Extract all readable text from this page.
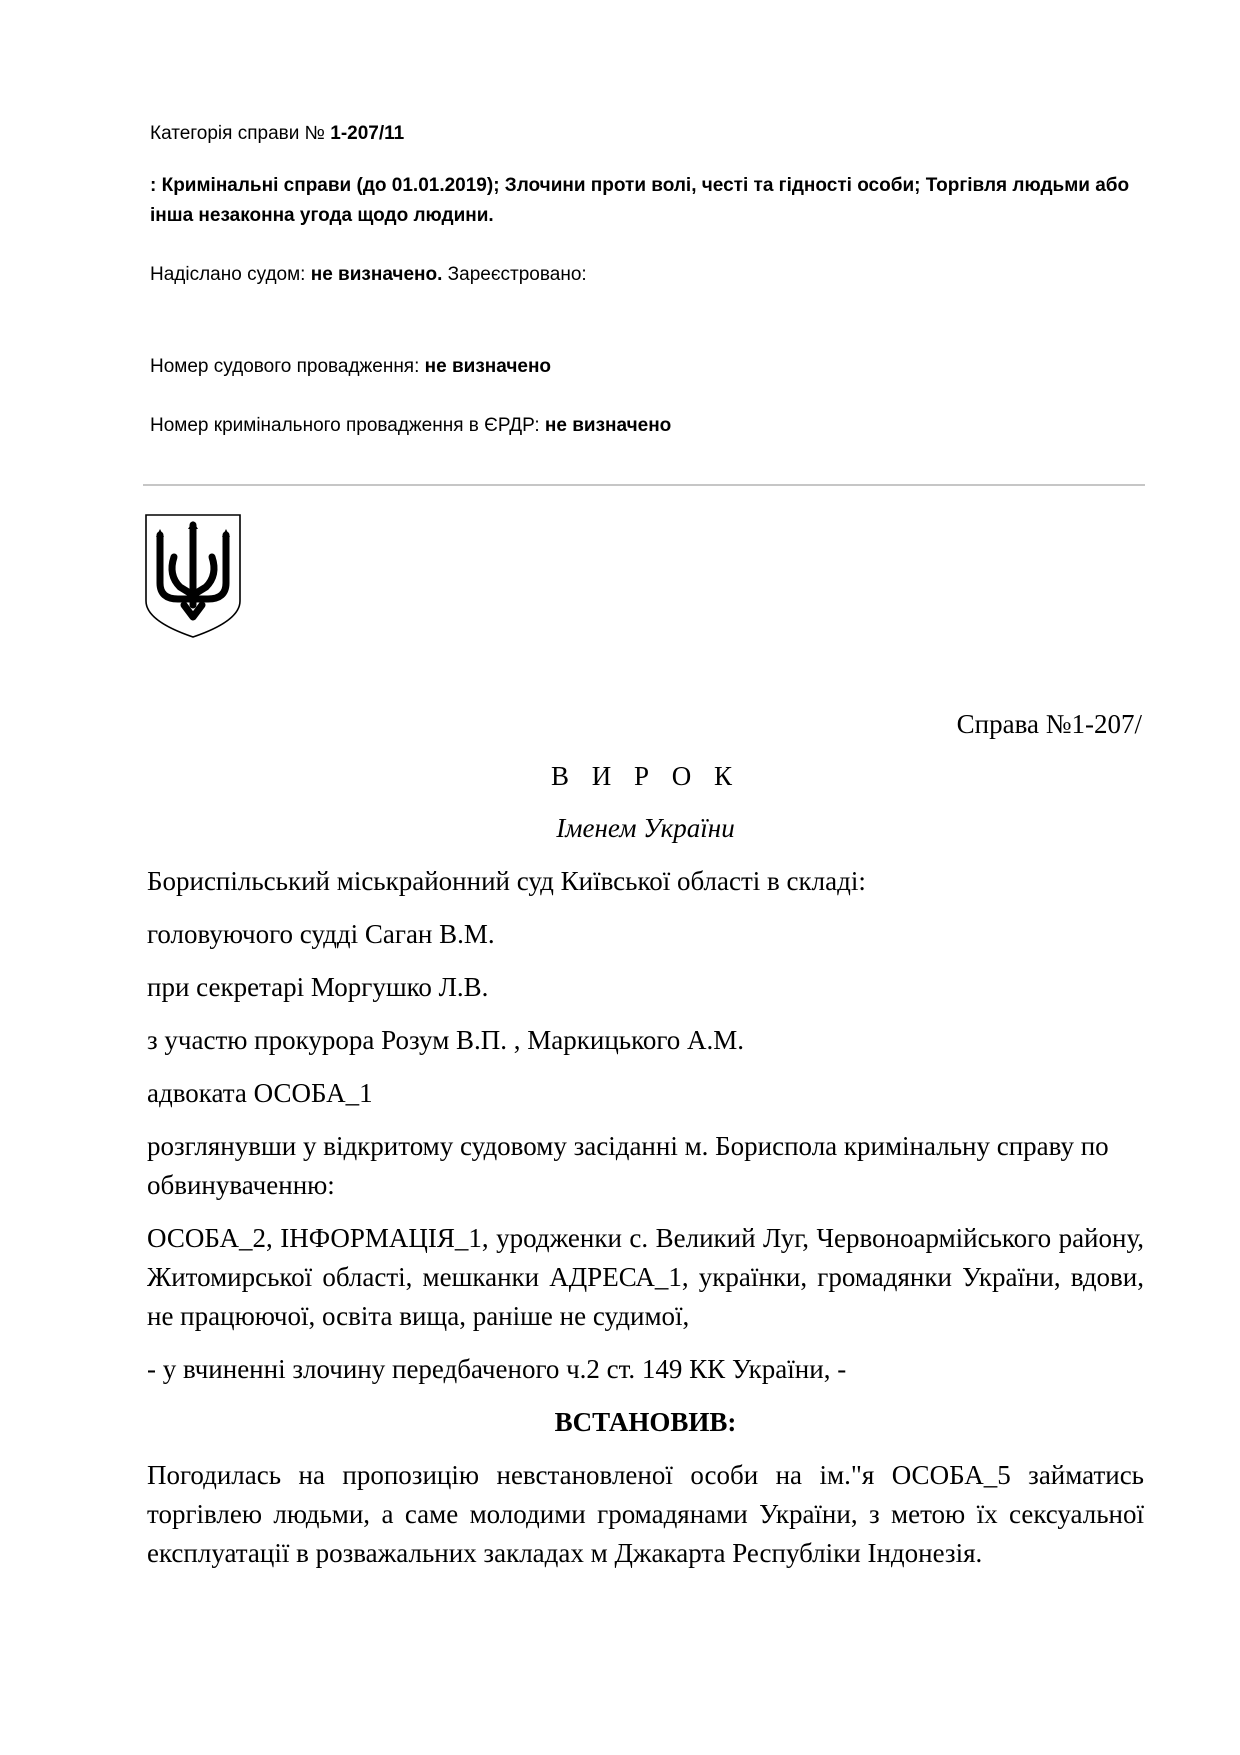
Категорія справи № 1-207/11
: Кримінальні справи (до 01.01.2019); Злочини проти волі, честі та гідності особи; Торгівля людьми або інша незаконна угода щодо людини.
Надіслано судом: не визначено. Зареєстровано:
Номер судового провадження: не визначено
Номер кримінального провадження в ЄРДР: не визначено
Справа №1-207/
В И Р О К
Іменем України
Бориспільський міськрайонний суд Київської області в складі:
головуючого судді Саган В.М.
при секретарі Моргушко Л.В.
з участю прокурора Розум В.П. , Маркицького А.М.
адвоката ОСОБА_1
розглянувши у відкритому судовому засіданні м. Бориспола кримінальну справу по обвинуваченню:
ОСОБА_2, ІНФОРМАЦІЯ_1, уродженки с. Великий Луг, Червоноармійського району, Житомирської області, мешканки АДРЕСА_1, українки, громадянки України, вдови, не працюючої, освіта вища, раніше не судимої,
- у вчиненні злочину передбаченого ч.2 ст. 149 КК України, -
ВСТАНОВИВ:
Погодилась на пропозицію невстановленої особи на ім."я ОСОБА_5 займатись торгівлею людьми, а саме молодими громадянами України, з метою їх сексуальної експлуатації в розважальних закладах м Джакарта Республіки Індонезія.
